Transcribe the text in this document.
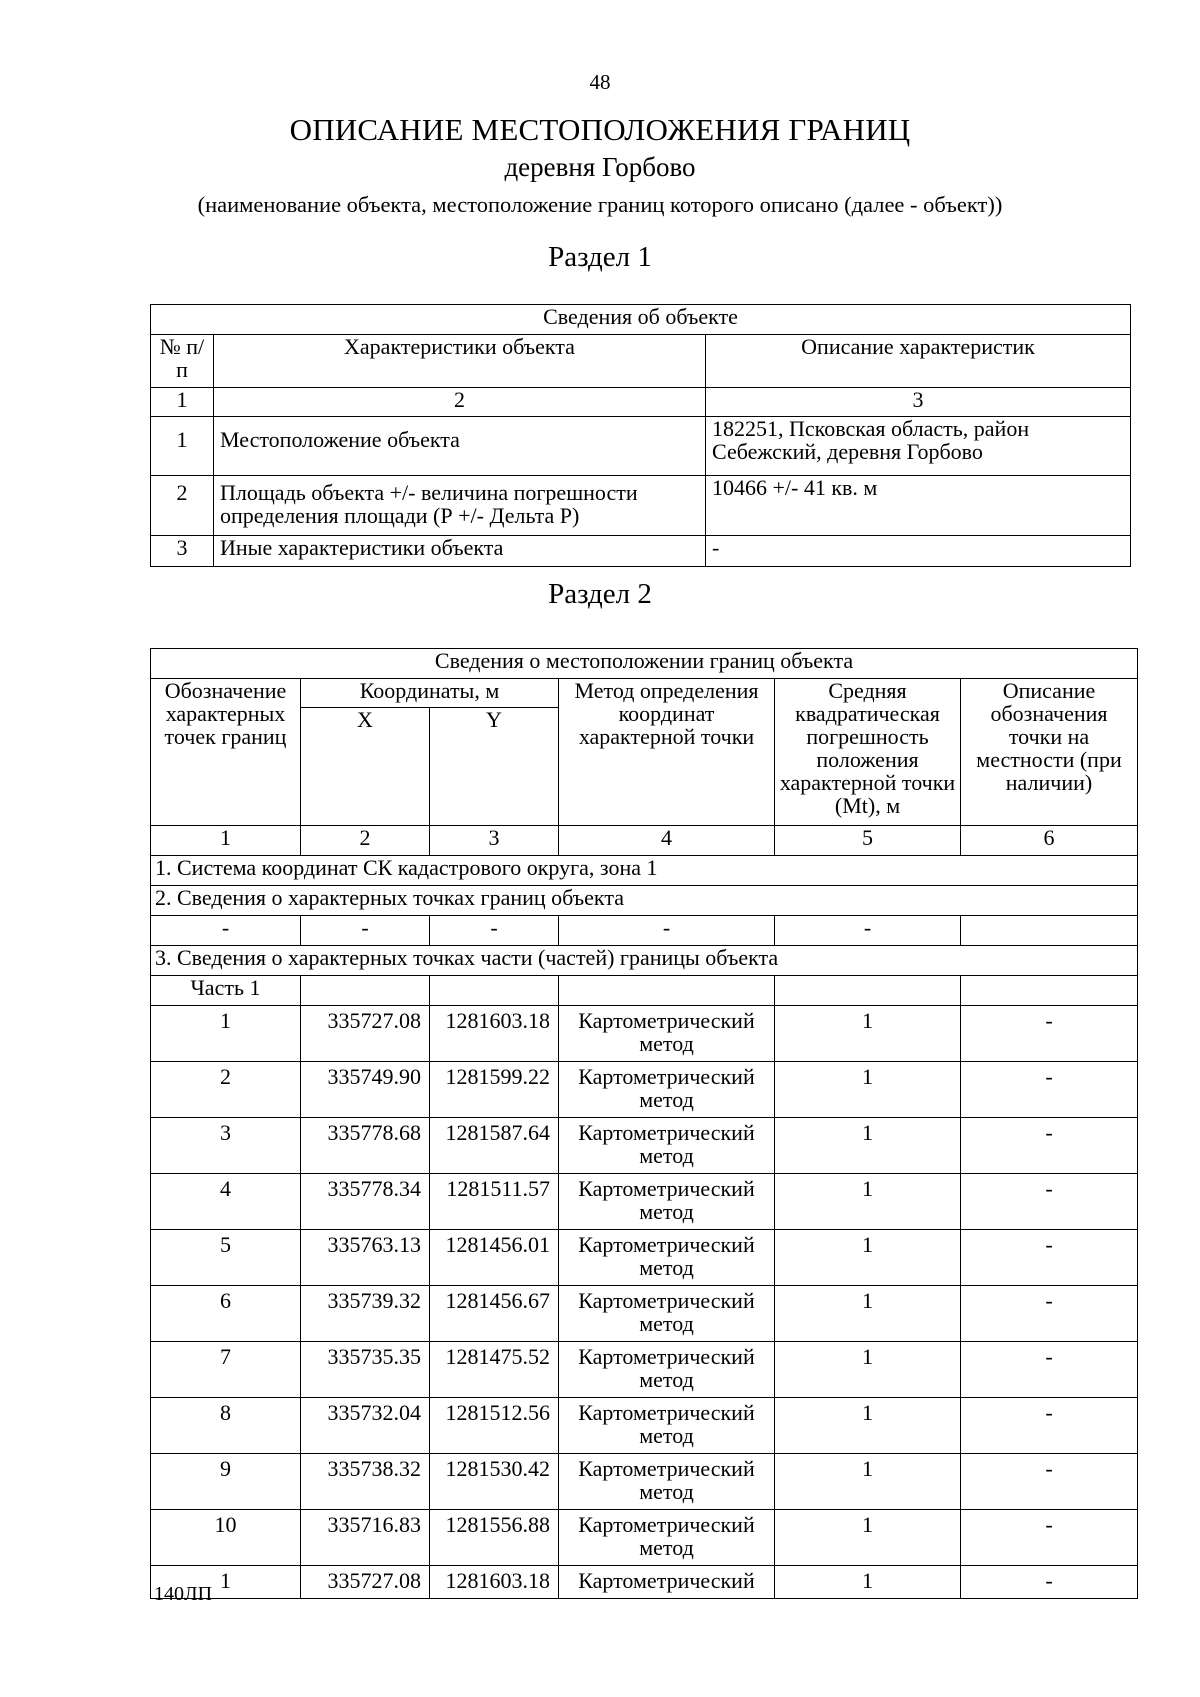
48
ОПИСАНИЕ МЕСТОПОЛОЖЕНИЯ ГРАНИЦ
деревня Горбово
(наименование объекта, местоположение границ которого описано (далее - объект))
Раздел 1
Сведения об объекте		
№ п/п	Характеристики объекта	Описание характеристик
1	2	3
1	Местоположение объекта	182251, Псковская область, район Себежский, деревня Горбово
2	Площадь объекта +/- величина погрешности определения площади (Р +/- Дельта Р)	10466 +/- 41 кв. м
3	Иные характеристики объекта	-
Раздел 2
Сведения о местоположении границ объекта					
Обозначение характерных точек границ	Координаты, м		Метод определения координат характерной точки	Средняя квадратическая погрешность положения характерной точки (Mt), м	Описание обозначения точки на местности (при наличии)
	X	Y			
1	2	3	4	5	6
1. Система координат СК кадастрового округа, зона 1					
2. Сведения о характерных точках границ объекта					
-	-	-	-	-	
3. Сведения о характерных точках части (частей) границы объекта					
Часть 1					
1	335727.08	1281603.18	Картометрический метод	1	-
2	335749.90	1281599.22	Картометрический метод	1	-
3	335778.68	1281587.64	Картометрический метод	1	-
4	335778.34	1281511.57	Картометрический метод	1	-
5	335763.13	1281456.01	Картометрический метод	1	-
6	335739.32	1281456.67	Картометрический метод	1	-
7	335735.35	1281475.52	Картометрический метод	1	-
8	335732.04	1281512.56	Картометрический метод	1	-
9	335738.32	1281530.42	Картометрический метод	1	-
10	335716.83	1281556.88	Картометрический метод	1	-
1	335727.08	1281603.18	Картометрический	1	-
140ЛП
